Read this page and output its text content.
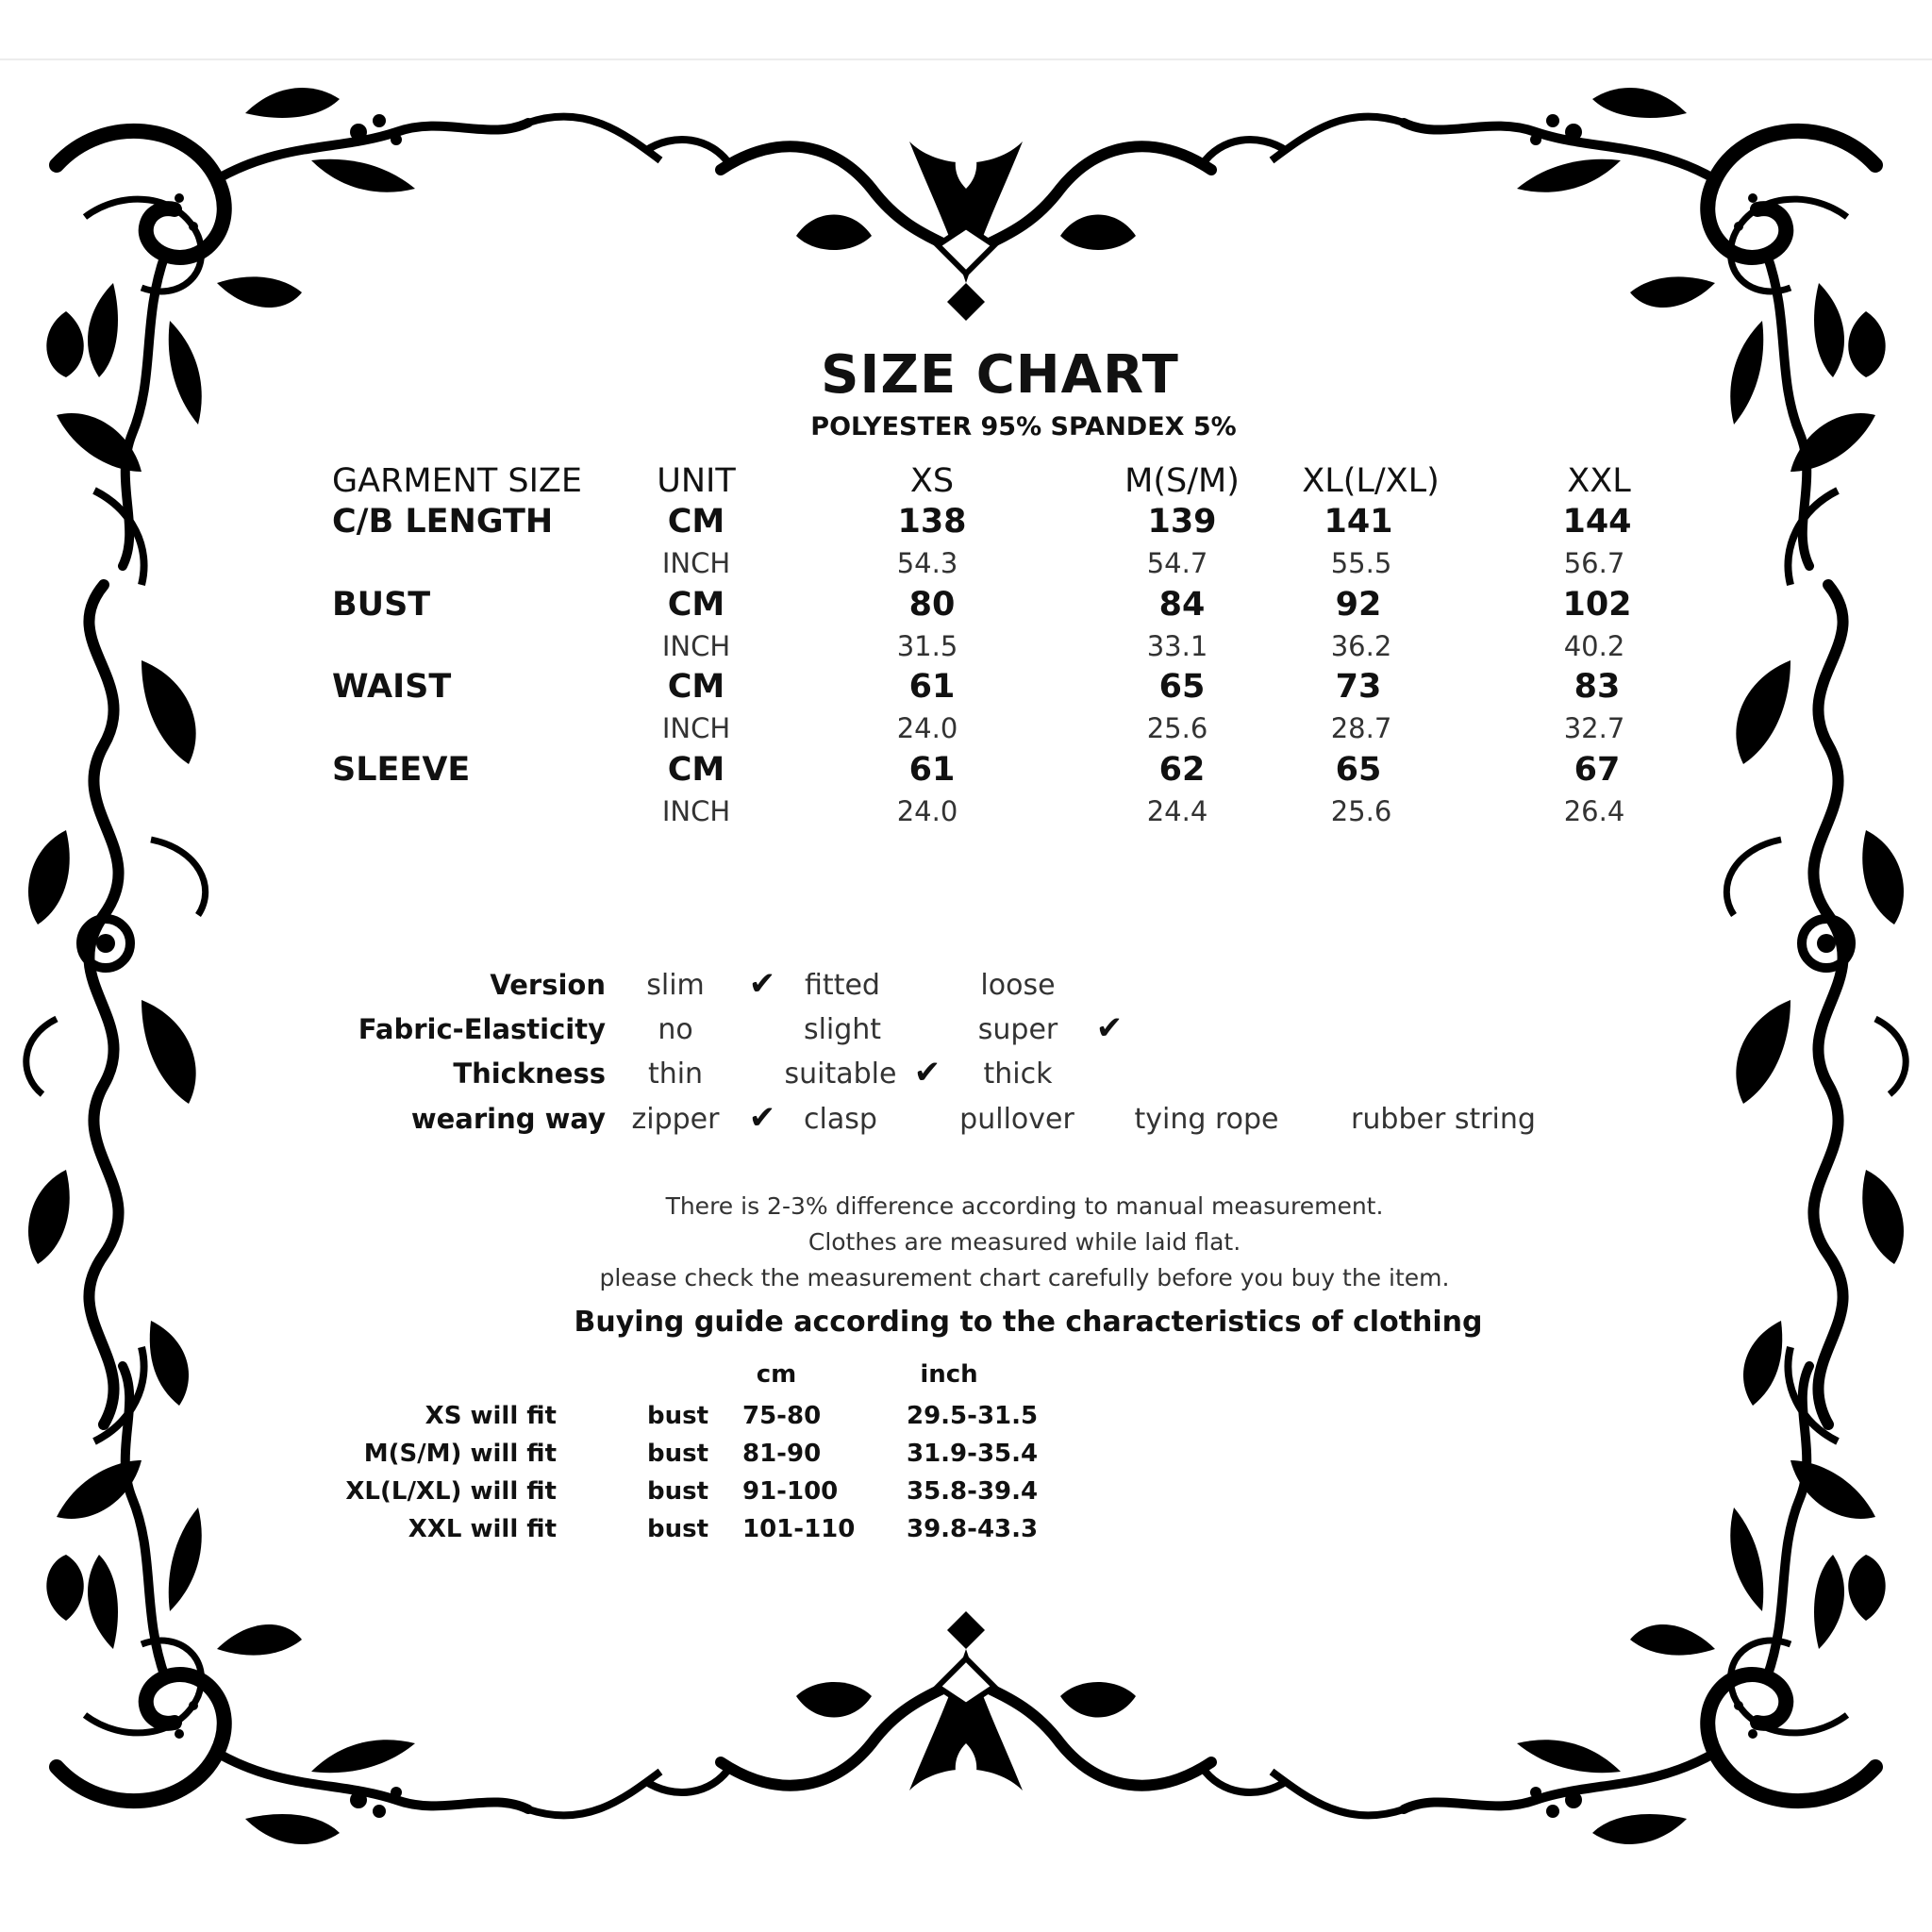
SIZE CHART
POLYESTER 95% SPANDEX 5%
GARMENT SIZE UNIT	XS	M(S/M) XL(L/XL)	XXL
C/B LENGTH	CM	138	139	141	144
INCH	54.3	54.7	55.5	56.7
BUST	CM	80	84	92	102
INCH	31.5	33.1	36.2	40.2
WAIST	CM	61	65	73	83
INCH	24.0	25.6	28.7	32.7
SLEEVE	CM	61	62	65	67
INCH	24.0	24.4	25.6	26.4
Version slim ✔ fitted	loose
Fabric-Elasticity no	slight	super ✔
Thickness thin	suitable ✔ thick
wearing way zipper ✔ clasp	pullover tying rope	rubber string
There is 2-3% difference according to manual measurement.
Clothes are measured while laid flat.
please check the measurement chart carefully before you buy the item.
Buying guide according to the characteristics of clothing
cm	inch
XS will fit	bust 75-80	29.5-31.5
M(S/M) will fit	bust 81-90	31.9-35.4
XL(L/XL) will fit	bust 91-100	35.8-39.4
XXL will fit	bust 101-110 39.8-43.3
